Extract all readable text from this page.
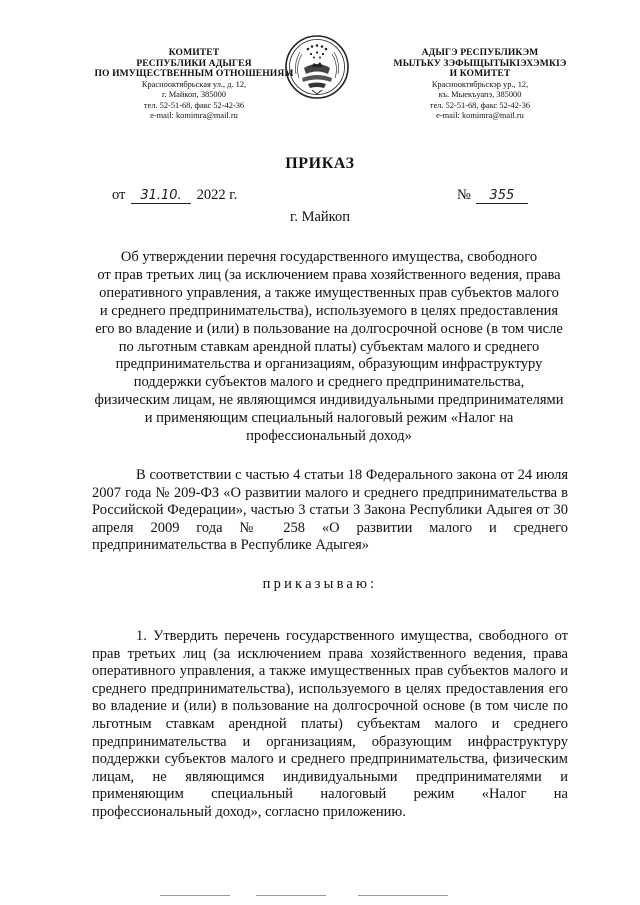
КОМИТЕТ
РЕСПУБЛИКИ АДЫГЕЯ
ПО ИМУЩЕСТВЕННЫМ ОТНОШЕНИЯМ
Краснооктябрьская ул., д. 12,
г. Майкоп, 385000
тел. 52-51-68, факс 52-42-36
e-mail: komimra@mail.ru
АДЫГЭ РЕСПУБЛИКЭМ
МЫЛЪКУ ЗЭФЫЩЫТЫКIЭХЭМКIЭ
И КОМИТЕТ
Краснооктябрьскэр ур., 12,
къ. Мыекъуапэ, 385000
тел. 52-51-68, факс 52-42-36
e-mail: komimra@mail.ru
ПРИКАЗ
от 31.10. 2022 г.	№ 355
г. Майкоп
Об утверждении перечня государственного имущества, свободного
от прав третьих лиц (за исключением права хозяйственного ведения, права
оперативного управления, а также имущественных прав субъектов малого
и среднего предпринимательства), используемого в целях предоставления
его во владение и (или) в пользование на долгосрочной основе (в том числе
по льготным ставкам арендной платы) субъектам малого и среднего
предпринимательства и организациям, образующим инфраструктуру
поддержки субъектов малого и среднего предпринимательства,
физическим лицам, не являющимся индивидуальными предпринимателями
и применяющим специальный налоговый режим «Налог на
профессиональный доход»
В соответствии с частью 4 статьи 18 Федерального закона от 24 июля 2007 года № 209-ФЗ «О развитии малого и среднего предпринимательства в Российской Федерации», частью 3 статьи 3 Закона Республики Адыгея от 30 апреля 2009 года № 258 «О развитии малого и среднего предпринимательства в Республике Адыгея»
приказываю:
1. Утвердить перечень государственного имущества, свободного от прав третьих лиц (за исключением права хозяйственного ведения, права оперативного управления, а также имущественных прав субъектов малого и среднего предпринимательства), используемого в целях предоставления его во владение и (или) в пользование на долгосрочной основе (в том числе по льготным ставкам арендной платы) субъектам малого и среднего предпринимательства и организациям, образующим инфраструктуру поддержки субъектов малого и среднего предпринимательства, физическим лицам, не являющимся индивидуальными предпринимателями и применяющим специальный налоговый режим «Налог на профессиональный доход», согласно приложению.
